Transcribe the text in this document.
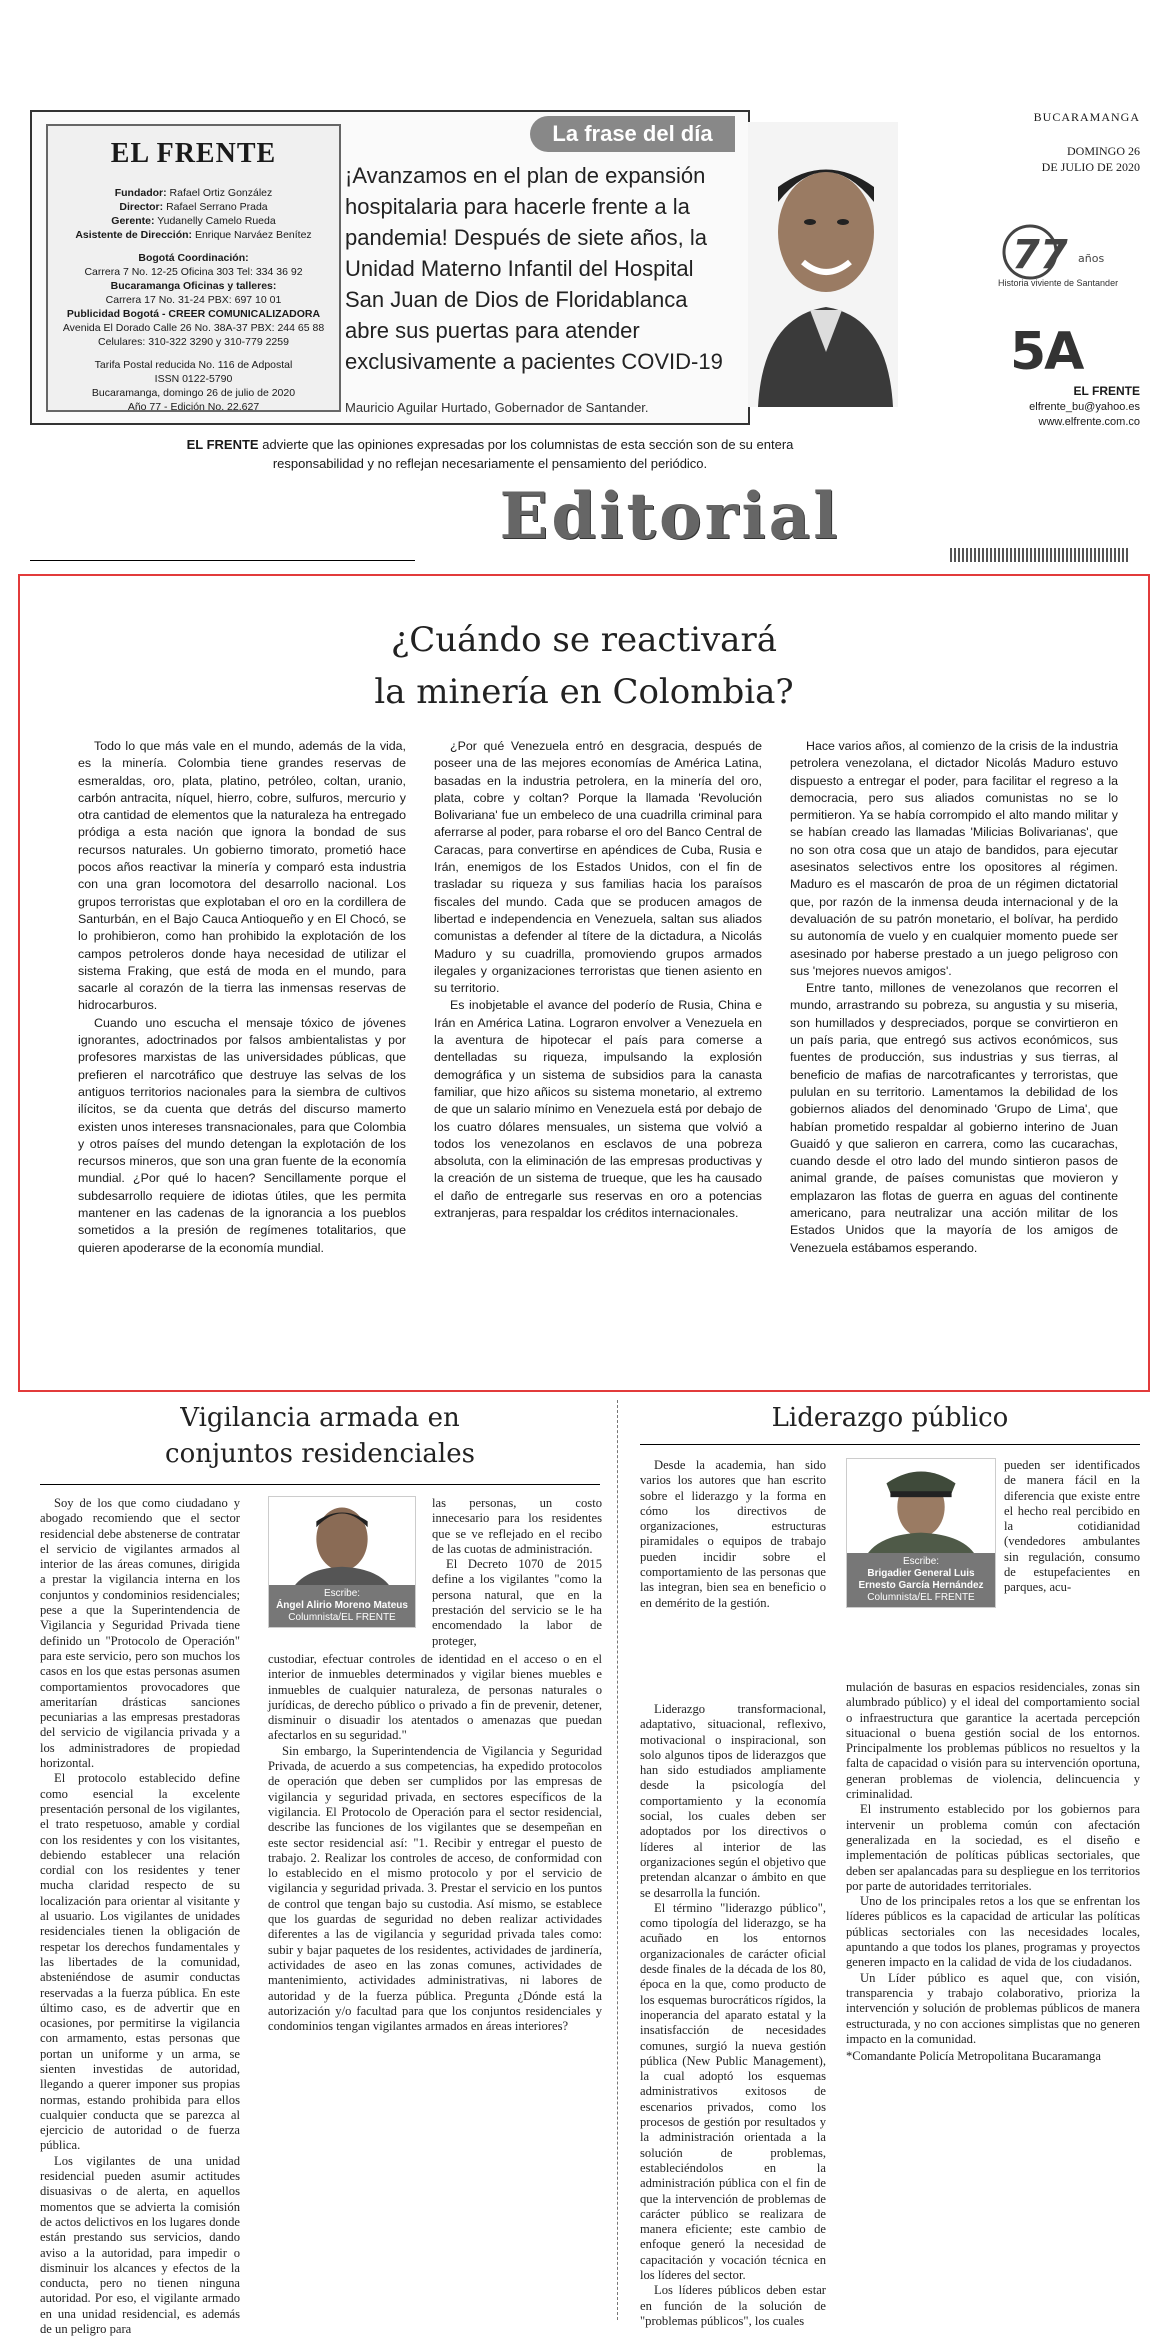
EL FRENTE
Fundador: Rafael Ortiz González
Director: Rafael Serrano Prada
Gerente: Yudanelly Camelo Rueda
Asistente de Dirección: Enrique Narváez Benítez
Bogotá Coordinación:
Carrera 7 No. 12-25 Oficina 303 Tel: 334 36 92
Bucaramanga Oficinas y talleres:
Carrera 17 No. 31-24 PBX: 697 10 01
Publicidad Bogotá - CREER COMUNICALIZADORA
Avenida El Dorado Calle 26 No. 38A-37 PBX: 244 65 88
Celulares: 310-322 3290 y 310-779 2259
Tarifa Postal reducida No. 116 de Adpostal
ISSN 0122-5790
Bucaramanga, domingo 26 de julio de 2020
Año 77 - Edición No. 22.627
La frase del día
¡Avanzamos en el plan de expansión hospitalaria para hacerle frente a la pandemia! Después de siete años, la Unidad Materno Infantil del Hospital San Juan de Dios de Floridablanca abre sus puertas para atender exclusivamente a pacientes COVID-19
Mauricio Aguilar Hurtado, Gobernador de Santander.
BUCARAMANGA
DOMINGO 26
DE JULIO DE 2020
77 años
Historia viviente de Santander
5A
EL FRENTE
elfrente_bu@yahoo.es
www.elfrente.com.co
EL FRENTE advierte que las opiniones expresadas por los columnistas de esta sección son de su entera responsabilidad y no reflejan necesariamente el pensamiento del periódico.
Editorial
¿Cuándo se reactivará
la minería en Colombia?

Todo lo que más vale en el mundo, además de la vida, es la minería. Colombia tiene grandes reservas de esmeraldas, oro, plata, platino, petróleo, coltan, uranio, carbón antracita, níquel, hierro, cobre, sulfuros, mercurio y otra cantidad de elementos que la naturaleza ha entregado pródiga a esta nación que ignora la bondad de sus recursos naturales. Un gobierno timorato, prometió hace pocos años reactivar la minería y comparó esta industria con una gran locomotora del desarrollo nacional. Los grupos terroristas que explotaban el oro en la cordillera de Santurbán, en el Bajo Cauca Antioqueño y en El Chocó, se lo prohibieron, como han prohibido la explotación de los campos petroleros donde haya necesidad de utilizar el sistema Fraking, que está de moda en el mundo, para sacarle al corazón de la tierra las inmensas reservas de hidrocarburos.

Cuando uno escucha el mensaje tóxico de jóvenes ignorantes, adoctrinados por falsos ambientalistas y por profesores marxistas de las universidades públicas, que prefieren el narcotráfico que destruye las selvas de los antiguos territorios nacionales para la siembra de cultivos ilícitos, se da cuenta que detrás del discurso mamerto existen unos intereses transnacionales, para que Colombia y otros países del mundo detengan la explotación de los recursos mineros, que son una gran fuente de la economía mundial. ¿Por qué lo hacen? Sencillamente porque el subdesarrollo requiere de idiotas útiles, que les permita mantener en las cadenas de la ignorancia a los pueblos sometidos a la presión de regímenes totalitarios, que quieren apoderarse de la economía mundial.

¿Por qué Venezuela entró en desgracia, después de poseer una de las mejores economías de América Latina, basadas en la industria petrolera, en la minería del oro, plata, cobre y coltan? Porque la llamada 'Revolución Bolivariana' fue un embeleco de una cuadrilla criminal para aferrarse al poder, para robarse el oro del Banco Central de Caracas, para convertirse en apéndices de Cuba, Rusia e Irán, enemigos de los Estados Unidos, con el fin de trasladar su riqueza y sus familias hacia los paraísos fiscales del mundo. Cada que se producen amagos de libertad e independencia en Venezuela, saltan sus aliados comunistas a defender al títere de la dictadura, a Nicolás Maduro y su cuadrilla, promoviendo grupos armados ilegales y organizaciones terroristas que tienen asiento en su territorio.

Es inobjetable el avance del poderío de Rusia, China e Irán en América Latina. Lograron envolver a Venezuela en la aventura de hipotecar el país para comerse a dentelladas su riqueza, impulsando la explosión demográfica y un sistema de subsidios para la canasta familiar, que hizo añicos su sistema monetario, al extremo de que un salario mínimo en Venezuela está por debajo de los cuatro dólares mensuales, un sistema que volvió a todos los venezolanos en esclavos de una pobreza absoluta, con la eliminación de las empresas productivas y la creación de un sistema de trueque, que les ha causado el daño de entregarle sus reservas en oro a potencias extranjeras, para respaldar los créditos internacionales.

Hace varios años, al comienzo de la crisis de la industria petrolera venezolana, el dictador Nicolás Maduro estuvo dispuesto a entregar el poder, para facilitar el regreso a la democracia, pero sus aliados comunistas no se lo permitieron. Ya se había corrompido el alto mando militar y se habían creado las llamadas 'Milicias Bolivarianas', que no son otra cosa que un atajo de bandidos, para ejecutar asesinatos selectivos entre los opositores al régimen. Maduro es el mascarón de proa de un régimen dictatorial que, por razón de la inmensa deuda internacional y de la devaluación de su patrón monetario, el bolívar, ha perdido su autonomía de vuelo y en cualquier momento puede ser asesinado por haberse prestado a un juego peligroso con sus 'mejores nuevos amigos'.

Entre tanto, millones de venezolanos que recorren el mundo, arrastrando su pobreza, su angustia y su miseria, son humillados y despreciados, porque se convirtieron en un país paria, que entregó sus activos económicos, sus fuentes de producción, sus industrias y sus tierras, al beneficio de mafias de narcotraficantes y terroristas, que pululan en su territorio. Lamentamos la debilidad de los gobiernos aliados del denominado 'Grupo de Lima', que habían prometido respaldar al gobierno interino de Juan Guaidó y que salieron en carrera, como las cucarachas, cuando desde el otro lado del mundo sintieron pasos de animal grande, de países comunistas que movieron y emplazaron las flotas de guerra en aguas del continente americano, para neutralizar una acción militar de los Estados Unidos que la mayoría de los amigos de Venezuela estábamos esperando.

Vigilancia armada en
conjuntos residenciales

Soy de los que como ciudadano y abogado recomiendo que el sector residencial debe abstenerse de contratar el servicio de vigilantes armados al interior de las áreas comunes, dirigida a prestar la vigilancia interna en los conjuntos y condominios residenciales; pese a que la Superintendencia de Vigilancia y Seguridad Privada tiene definido un "Protocolo de Operación" para este servicio, pero son muchos los casos en los que estas personas asumen comportamientos provocadores que ameritarían drásticas sanciones pecuniarias a las empresas prestadoras del servicio de vigilancia privada y a los administradores de propiedad horizontal.

El protocolo establecido define como esencial la excelente presentación personal de los vigilantes, el trato respetuoso, amable y cordial con los residentes y con los visitantes, debiendo establecer una relación cordial con los residentes y tener mucha claridad respecto de su localización para orientar al visitante y al usuario. Los vigilantes de unidades residenciales tienen la obligación de respetar los derechos fundamentales y las libertades de la comunidad, absteniéndose de asumir conductas reservadas a la fuerza pública. En este último caso, es de advertir que en ocasiones, por permitirse la vigilancia con armamento, estas personas que portan un uniforme y un arma, se sienten investidas de autoridad, llegando a querer imponer sus propias normas, estando prohibida para ellos cualquier conducta que se parezca al ejercicio de autoridad o de fuerza pública.

Los vigilantes de una unidad residencial pueden asumir actitudes disuasivas o de alerta, en aquellos momentos que se advierta la comisión de actos delictivos en los lugares donde están prestando sus servicios, dando aviso a la autoridad, para impedir o disminuir los alcances y efectos de la conducta, pero no tienen ninguna autoridad. Por eso, el vigilante armado en una unidad residencial, es además de un peligro para

Escribe:
Ángel Alirio Moreno Mateus
Columnista/EL FRENTE

las personas, un costo innecesario para los residentes que se ve reflejado en el recibo de las cuotas de administración.

El Decreto 1070 de 2015 define a los vigilantes "como la persona natural, que en la prestación del servicio se le ha encomendado la labor de proteger,

custodiar, efectuar controles de identidad en el acceso o en el interior de inmuebles determinados y vigilar bienes muebles e inmuebles de cualquier naturaleza, de personas naturales o jurídicas, de derecho público o privado a fin de prevenir, detener, disminuir o disuadir los atentados o amenazas que puedan afectarlos en su seguridad."

Sin embargo, la Superintendencia de Vigilancia y Seguridad Privada, de acuerdo a sus competencias, ha expedido protocolos de operación que deben ser cumplidos por las empresas de vigilancia y seguridad privada, en sectores específicos de la vigilancia. El Protocolo de Operación para el sector residencial, describe las funciones de los vigilantes que se desempeñan en este sector residencial así: "1. Recibir y entregar el puesto de trabajo. 2. Realizar los controles de acceso, de conformidad con lo establecido en el mismo protocolo y por el servicio de vigilancia y seguridad privada. 3. Prestar el servicio en los puntos de control que tengan bajo su custodia. Así mismo, se establece que los guardas de seguridad no deben realizar actividades diferentes a las de vigilancia y seguridad privada tales como: subir y bajar paquetes de los residentes, actividades de jardinería, actividades de aseo en las zonas comunes, actividades de mantenimiento, actividades administrativas, ni labores de autoridad y de la fuerza pública. Pregunta ¿Dónde está la autorización y/o facultad para que los conjuntos residenciales y condominios tengan vigilantes armados en áreas interiores?

Liderazgo público

Desde la academia, han sido varios los autores que han escrito sobre el liderazgo y la forma en cómo los directivos de organizaciones, estructuras piramidales o equipos de trabajo pueden incidir sobre el comportamiento de las personas que las integran, bien sea en beneficio o en demérito de la gestión.

Escribe:
Brigadier General Luis Ernesto García Hernández
Columnista/EL FRENTE

pueden ser identificados de manera fácil en la diferencia que existe entre el hecho real percibido en la cotidianidad (vendedores ambulantes sin regulación, consumo de estupefacientes en parques, acu-

Liderazgo transformacional, adaptativo, situacional, reflexivo, motivacional o inspiracional, son solo algunos tipos de liderazgos que han sido estudiados ampliamente desde la psicología del comportamiento y la economía social, los cuales deben ser adoptados por los directivos o líderes al interior de las organizaciones según el objetivo que pretendan alcanzar o ámbito en que se desarrolla la función.

El término "liderazgo público", como tipología del liderazgo, se ha acuñado en los entornos organizacionales de carácter oficial desde finales de la década de los 80, época en la que, como producto de los esquemas burocráticos rígidos, la inoperancia del aparato estatal y la insatisfacción de necesidades comunes, surgió la nueva gestión pública (New Public Management), la cual adoptó los esquemas administrativos exitosos de escenarios privados, como los procesos de gestión por resultados y la administración orientada a la solución de problemas, estableciéndolos en la administración pública con el fin de que la intervención de problemas de carácter público se realizara de manera eficiente; este cambio de enfoque generó la necesidad de capacitación y vocación técnica en los líderes del sector.

Los líderes públicos deben estar en función de la solución de "problemas públicos", los cuales

mulación de basuras en espacios residenciales, zonas sin alumbrado público) y el ideal del comportamiento social o infraestructura que garantice la acertada percepción situacional o buena gestión social de los entornos. Principalmente los problemas públicos no resueltos y la falta de capacidad o visión para su intervención oportuna, generan problemas de violencia, delincuencia y criminalidad.

El instrumento establecido por los gobiernos para intervenir un problema común con afectación generalizada en la sociedad, es el diseño e implementación de políticas públicas sectoriales, que deben ser apalancadas para su despliegue en los territorios por parte de autoridades territoriales.

Uno de los principales retos a los que se enfrentan los líderes públicos es la capacidad de articular las políticas públicas sectoriales con las necesidades locales, apuntando a que todos los planes, programas y proyectos generen impacto en la calidad de vida de los ciudadanos.

Un Líder público es aquel que, con visión, transparencia y trabajo colaborativo, prioriza la intervención y solución de problemas públicos de manera estructurada, y no con acciones simplistas que no generen impacto en la comunidad.

*Comandante Policía Metropolitana Bucaramanga
